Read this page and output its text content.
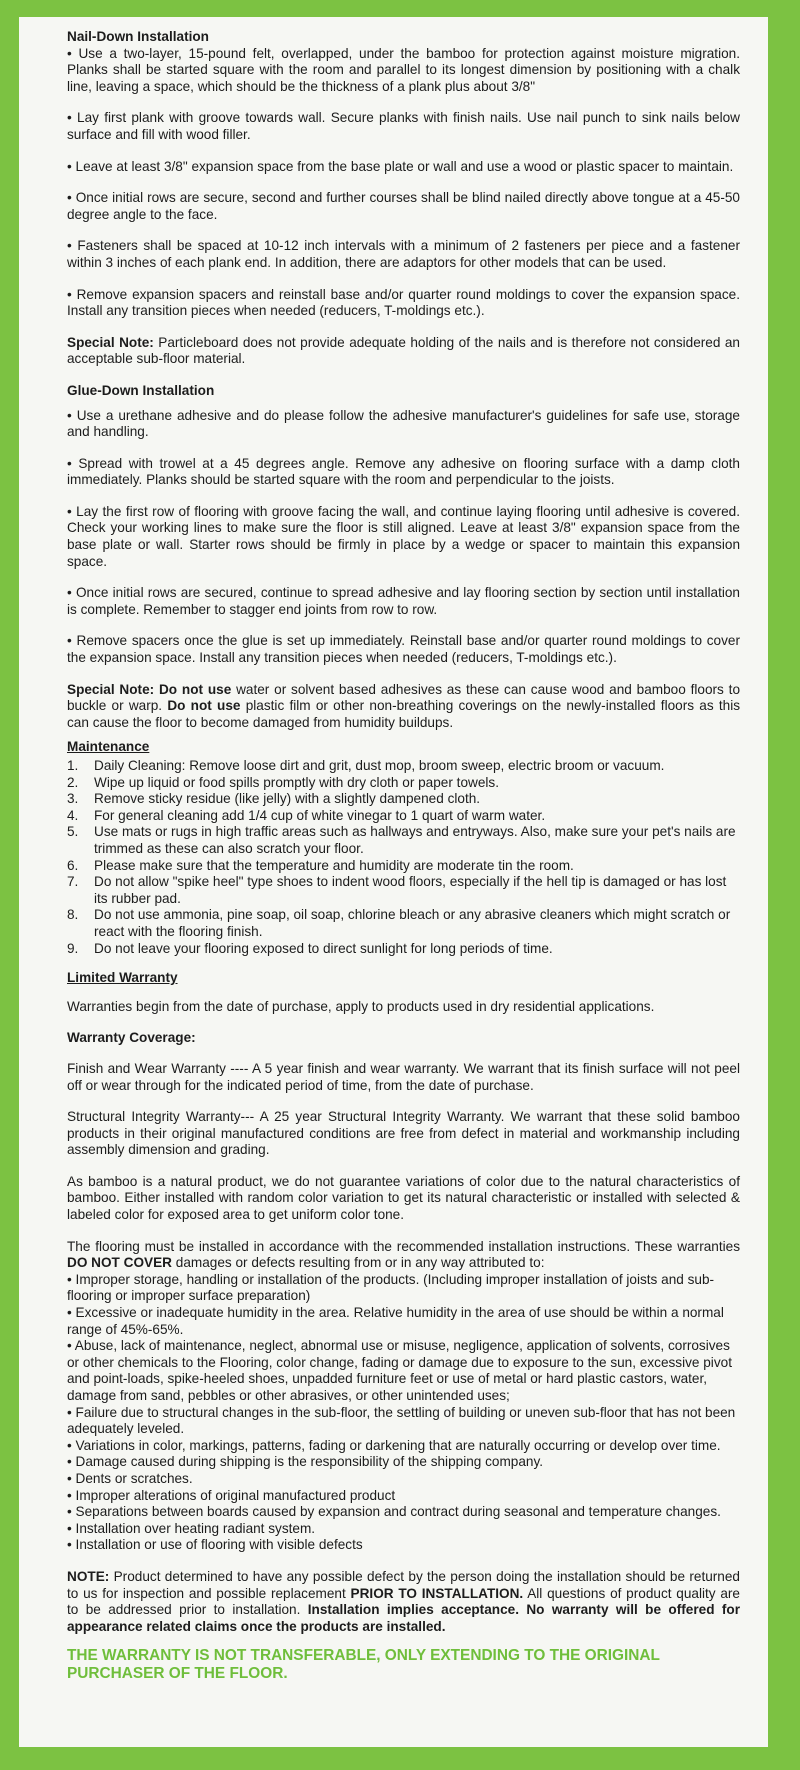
Nail-Down Installation

• Use a two-layer, 15-pound felt, overlapped, under the bamboo for protection against moisture migration. Planks shall be started square with the room and parallel to its longest dimension by positioning with a chalk line, leaving a space, which should be the thickness of a plank plus about 3/8"

• Lay first plank with groove towards wall. Secure planks with finish nails. Use nail punch to sink nails below surface and fill with wood filler.

• Leave at least 3/8" expansion space from the base plate or wall and use a wood or plastic spacer to maintain.

• Once initial rows are secure, second and further courses shall be blind nailed directly above tongue at a 45-50 degree angle to the face.

• Fasteners shall be spaced at 10-12 inch intervals with a minimum of 2 fasteners per piece and a fastener within 3 inches of each plank end. In addition, there are adaptors for other models that can be used.

• Remove expansion spacers and reinstall base and/or quarter round moldings to cover the expansion space. Install any transition pieces when needed (reducers, T-moldings etc.).

Special Note: Particleboard does not provide adequate holding of the nails and is therefore not considered an acceptable sub-floor material.

Glue-Down Installation

• Use a urethane adhesive and do please follow the adhesive manufacturer's guidelines for safe use, storage and handling.

• Spread with trowel at a 45 degrees angle. Remove any adhesive on flooring surface with a damp cloth immediately. Planks should be started square with the room and perpendicular to the joists.

• Lay the first row of flooring with groove facing the wall, and continue laying flooring until adhesive is covered. Check your working lines to make sure the floor is still aligned. Leave at least 3/8" expansion space from the base plate or wall. Starter rows should be firmly in place by a wedge or spacer to maintain this expansion space.

• Once initial rows are secured, continue to spread adhesive and lay flooring section by section until installation is complete. Remember to stagger end joints from row to row.

• Remove spacers once the glue is set up immediately. Reinstall base and/or quarter round moldings to cover the expansion space. Install any transition pieces when needed (reducers, T-moldings etc.).

Special Note: Do not use water or solvent based adhesives as these can cause wood and bamboo floors to buckle or warp. Do not use plastic film or other non-breathing coverings on the newly-installed floors as this can cause the floor to become damaged from humidity buildups.

Maintenance
1.	Daily Cleaning: Remove loose dirt and grit, dust mop, broom sweep, electric broom or vacuum.
2.	Wipe up liquid or food spills promptly with dry cloth or paper towels.
3.	Remove sticky residue (like jelly) with a slightly dampened cloth.
4.	For general cleaning add 1/4 cup of white vinegar to 1 quart of warm water.
5.	Use mats or rugs in high traffic areas such as hallways and entryways. Also, make sure your pet's nails are trimmed as these can also scratch your floor.
6.	Please make sure that the temperature and humidity are moderate tin the room.
7.	Do not allow "spike heel" type shoes to indent wood floors, especially if the hell tip is damaged or has lost its rubber pad.
8.	Do not use ammonia, pine soap, oil soap, chlorine bleach or any abrasive cleaners which might scratch or react with the flooring finish.
9.	Do not leave your flooring exposed to direct sunlight for long periods of time.
Limited Warranty

Warranties begin from the date of purchase, apply to products used in dry residential applications.

Warranty Coverage:

Finish and Wear Warranty ---- A 5 year finish and wear warranty. We warrant that its finish surface will not peel off or wear through for the indicated period of time, from the date of purchase.

Structural Integrity Warranty--- A 25 year Structural Integrity Warranty. We warrant that these solid bamboo products in their original manufactured conditions are free from defect in material and workmanship including assembly dimension and grading.

As bamboo is a natural product, we do not guarantee variations of color due to the natural characteristics of bamboo. Either installed with random color variation to get its natural characteristic or installed with selected & labeled color for exposed area to get uniform color tone.

The flooring must be installed in accordance with the recommended installation instructions. These warranties DO NOT COVER damages or defects resulting from or in any way attributed to:
• Improper storage, handling or installation of the products. (Including improper installation of joists and sub- flooring or improper surface preparation)
• Excessive or inadequate humidity in the area. Relative humidity in the area of use should be within a normal range of 45%-65%.
• Abuse, lack of maintenance, neglect, abnormal use or misuse, negligence, application of solvents, corrosives or other chemicals to the Flooring, color change, fading or damage due to exposure to the sun, excessive pivot and point-loads, spike-heeled shoes, unpadded furniture feet or use of metal or hard plastic castors, water, damage from sand, pebbles or other abrasives, or other unintended uses;
• Failure due to structural changes in the sub-floor, the settling of building or uneven sub-floor that has not been adequately leveled.
• Variations in color, markings, patterns, fading or darkening that are naturally occurring or develop over time.
• Damage caused during shipping is the responsibility of the shipping company.
• Dents or scratches.
• Improper alterations of original manufactured product
• Separations between boards caused by expansion and contract during seasonal and temperature changes.
• Installation over heating radiant system.
• Installation or use of flooring with visible defects

NOTE: Product determined to have any possible defect by the person doing the installation should be returned to us for inspection and possible replacement PRIOR TO INSTALLATION. All questions of product quality are to be addressed prior to installation. Installation implies acceptance. No warranty will be offered for appearance related claims once the products are installed.

THE WARRANTY IS NOT TRANSFERABLE, ONLY EXTENDING TO THE ORIGINAL PURCHASER OF THE FLOOR.
